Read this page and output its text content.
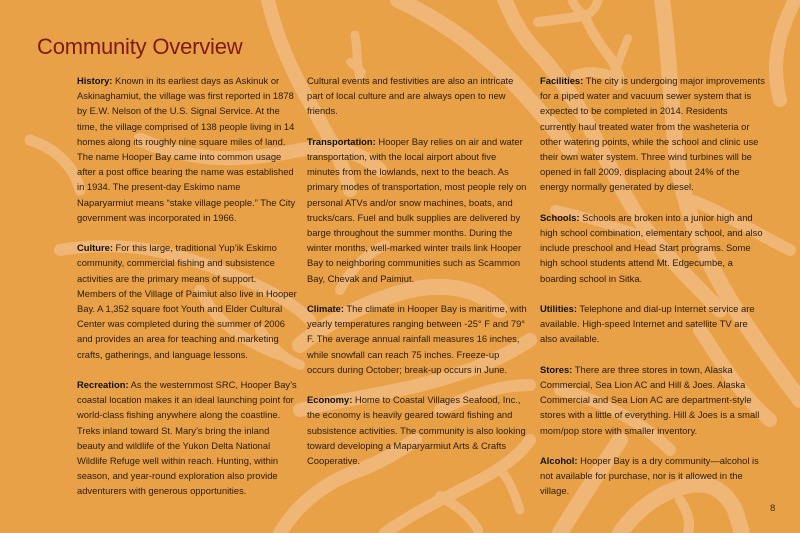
Community Overview

History: Known in its earliest days as Askinuk or Askinaghamiut, the village was first reported in 1878 by E.W. Nelson of the U.S. Signal Service. At the time, the village comprised of 138 people living in 14 homes along its roughly nine square miles of land. The name Hooper Bay came into common usage after a post office bearing the name was established in 1934. The present-day Eskimo name Naparyarmiut means “stake village people.” The City government was incorporated in 1966.

Culture: For this large, traditional Yup’ik Eskimo community, commercial fishing and subsistence activities are the primary means of support. Members of the Village of Paimiut also live in Hooper Bay. A 1,352 square foot Youth and Elder Cultural Center was completed during the summer of 2006 and provides an area for teaching and marketing crafts, gatherings, and language lessons.

Recreation: As the westernmost SRC, Hooper Bay’s coastal location makes it an ideal launching point for world-class fishing anywhere along the coastline. Treks inland toward St. Mary’s bring the inland beauty and wildlife of the Yukon Delta National Wildlife Refuge well within reach. Hunting, within season, and year-round exploration also provide adventurers with generous opportunities.

Cultural events and festivities are also an intricate part of local culture and are always open to new friends.

Transportation: Hooper Bay relies on air and water transportation, with the local airport about five minutes from the lowlands, next to the beach. As primary modes of transportation, most people rely on personal ATVs and/or snow machines, boats, and trucks/cars. Fuel and bulk supplies are delivered by barge throughout the summer months. During the winter months, well-marked winter trails link Hooper Bay to neighboring communities such as Scammon Bay, Chevak and Paimiut.

Climate: The climate in Hooper Bay is maritime, with yearly temperatures ranging between -25° F and 79° F. The average annual rainfall measures 16 inches, while snowfall can reach 75 inches. Freeze-up occurs during October; break-up occurs in June.

Economy: Home to Coastal Villages Seafood, Inc., the economy is heavily geared toward fishing and subsistence activities. The community is also looking toward developing a Maparyarmiut Arts & Crafts Cooperative.

Facilities: The city is undergoing major improvements for a piped water and vacuum sewer system that is expected to be completed in 2014. Residents currently haul treated water from the washeteria or other watering points, while the school and clinic use their own water system. Three wind turbines will be opened in fall 2009, displacing about 24% of the energy normally generated by diesel.

Schools: Schools are broken into a junior high and high school combination, elementary school, and also include preschool and Head Start programs. Some high school students attend Mt. Edgecumbe, a boarding school in Sitka.

Utilities: Telephone and dial-up Internet service are available. High-speed Internet and satellite TV are also available.

Stores: There are three stores in town, Alaska Commercial, Sea Lion AC and Hill & Joes. Alaska Commercial and Sea Lion AC are department-style stores with a little of everything. Hill & Joes is a small mom/pop store with smaller inventory.

Alcohol: Hooper Bay is a dry community—alcohol is not available for purchase, nor is it allowed in the village.

8
